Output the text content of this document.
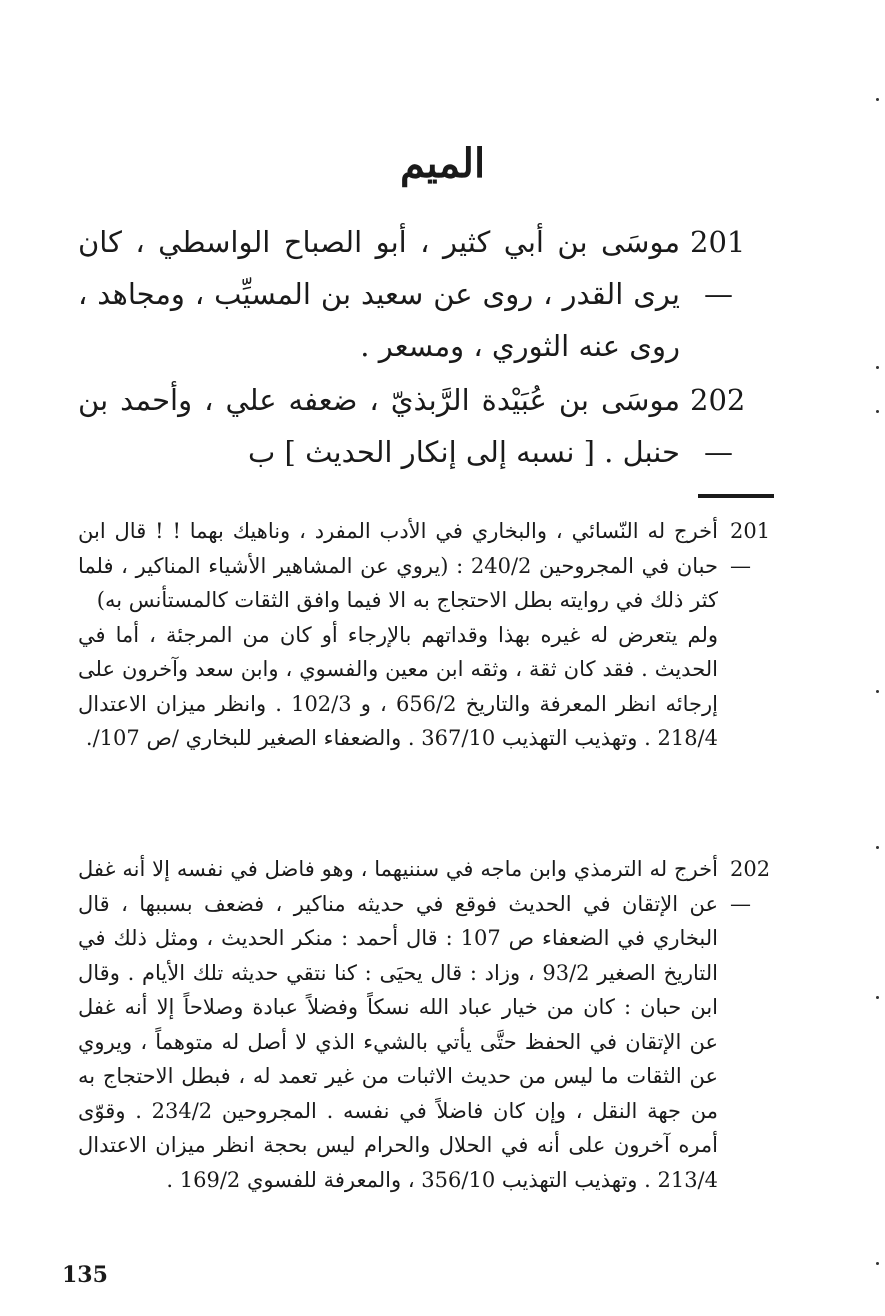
الميم
201 —
موسَى بن أبي كثير ، أبو الصباح الواسطي ، كان يرى القدر ، روى عن سعيد بن المسيِّب ، ومجاهد ، روى عنه الثوري ، ومسعر .
202 —
موسَى بن عُبَيْدة الرَّبذيّ ، ضعفه علي ، وأحمد بن حنبل . [ نسبه إلى إنكار الحديث ] ب
201 —

أخرج له النّسائي ، والبخاري في الأدب المفرد ، وناهيك بهما ! ! قال ابن حبان في المجروحين 240/2 : (يروي عن المشاهير الأشياء المناكير ، فلما كثر ذلك في روايته بطل الاحتجاج به الا فيما وافق الثقات كالمستأنس به)

ولم يتعرض له غيره بهذا وقداتهم بالإرجاء أو كان من المرجئة ، أما في الحديث . فقد كان ثقة ، وثقه ابن معين والفسوي ، وابن سعد وآخرون على إرجائه انظر المعرفة والتاريخ 656/2 ، و 102/3 . وانظر ميزان الاعتدال 218/4 . وتهذيب التهذيب 367/10 . والضعفاء الصغير للبخاري /ص 107/.

202 —

أخرج له الترمذي وابن ماجه في سننيهما ، وهو فاضل في نفسه إلا أنه غفل عن الإتقان في الحديث فوقع في حديثه مناكير ، فضعف بسببها ، قال البخاري في الضعفاء ص 107 : قال أحمد : منكر الحديث ، ومثل ذلك في التاريخ الصغير 93/2 ، وزاد : قال يحيَى : كنا نتقي حديثه تلك الأيام . وقال ابن حبان : كان من خيار عباد الله نسكاً وفضلاً عبادة وصلاحاً إلا أنه غفل عن الإتقان في الحفظ حتَّى يأتي بالشيء الذي لا أصل له متوهماً ، ويروي عن الثقات ما ليس من حديث الاثبات من غير تعمد له ، فبطل الاحتجاج به من جهة النقل ، وإن كان فاضلاً في نفسه . المجروحين 234/2 . وقوّى أمره آخرون على أنه في الحلال والحرام ليس بحجة انظر ميزان الاعتدال 213/4 . وتهذيب التهذيب 356/10 ، والمعرفة للفسوي 169/2 .

135
